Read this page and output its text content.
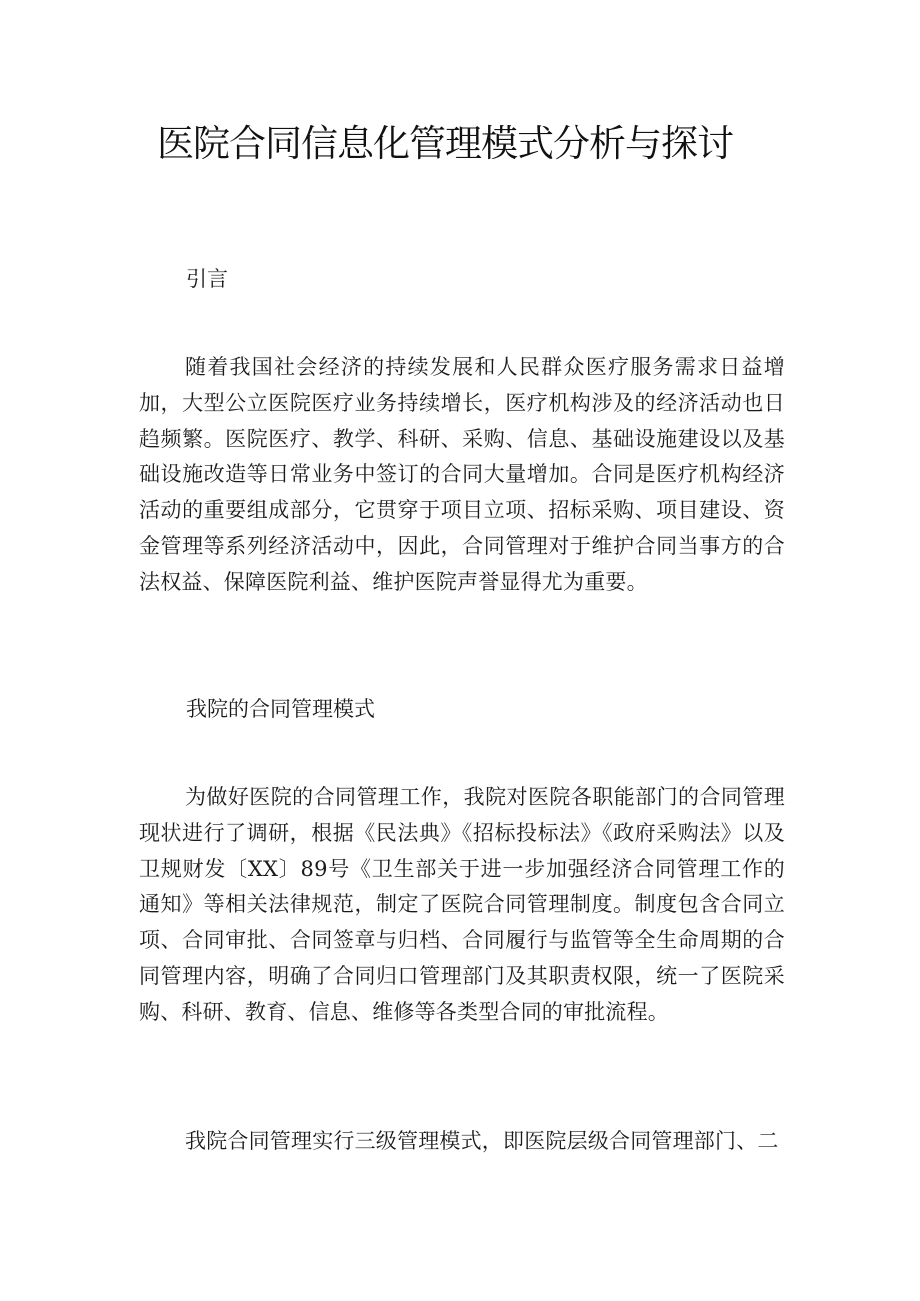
医院合同信息化管理模式分析与探讨

引言

随着我国社会经济的持续发展和人民群众医疗服务需求日益增加，大型公立医院医疗业务持续增长，医疗机构涉及的经济活动也日趋频繁。医院医疗、教学、科研、采购、信息、基础设施建设以及基础设施改造等日常业务中签订的合同大量增加。合同是医疗机构经济活动的重要组成部分，它贯穿于项目立项、招标采购、项目建设、资金管理等系列经济活动中，因此，合同管理对于维护合同当事方的合法权益、保障医院利益、维护医院声誉显得尤为重要。

我院的合同管理模式

为做好医院的合同管理工作，我院对医院各职能部门的合同管理现状进行了调研，根据《民法典》《招标投标法》《政府采购法》以及卫规财发〔XX〕89号《卫生部关于进一步加强经济合同管理工作的通知》等相关法律规范，制定了医院合同管理制度。制度包含合同立项、合同审批、合同签章与归档、合同履行与监管等全生命周期的合同管理内容，明确了合同归口管理部门及其职责权限，统一了医院采购、科研、教育、信息、维修等各类型合同的审批流程。

我院合同管理实行三级管理模式，即医院层级合同管理部门、二
